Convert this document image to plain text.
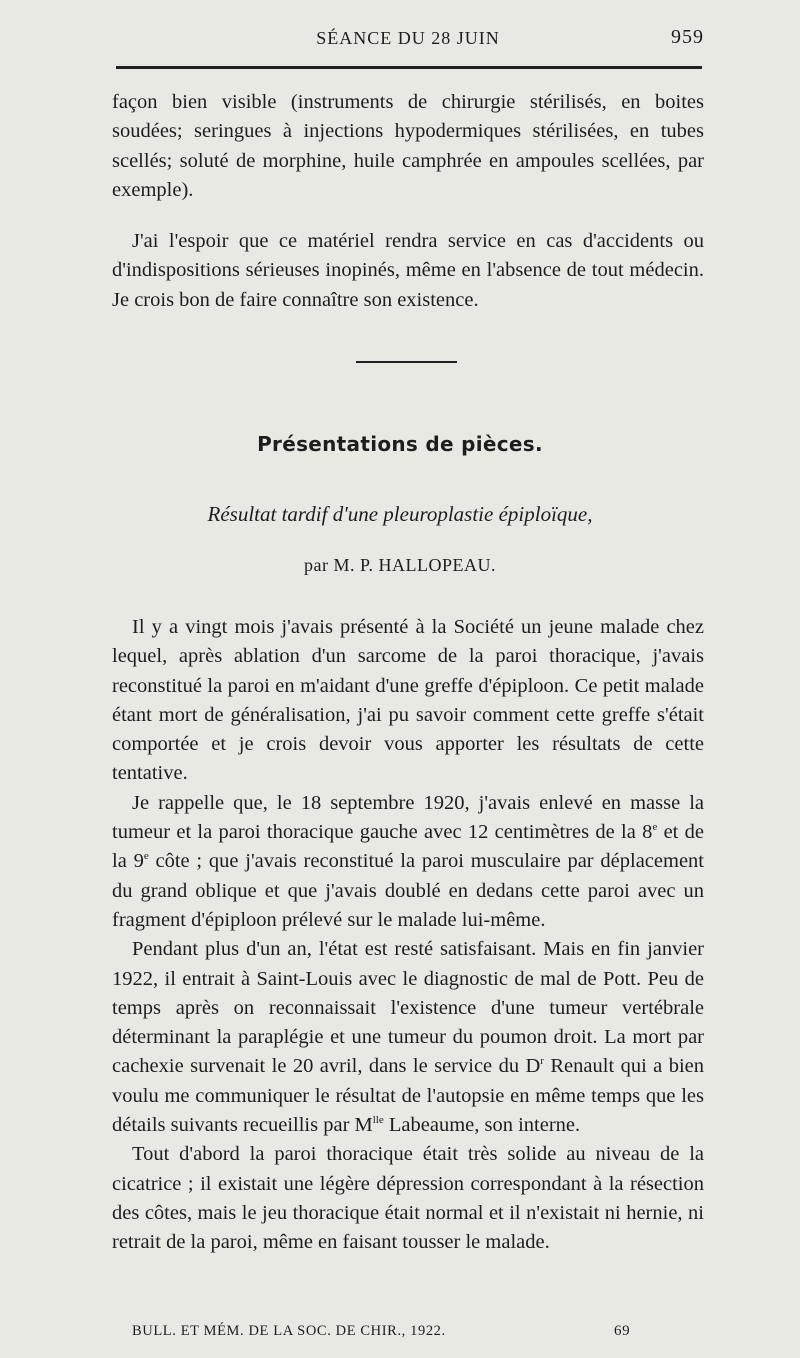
SÉANCE DU 28 JUIN	959

façon bien visible (instruments de chirurgie stérilisés, en boites soudées; seringues à injections hypodermiques stérilisées, en tubes scellés; soluté de morphine, huile camphrée en ampoules scellées, par exemple).

J'ai l'espoir que ce matériel rendra service en cas d'accidents ou d'indispositions sérieuses inopinés, même en l'absence de tout médecin. Je crois bon de faire connaître son existence.

Présentations de pièces.
Résultat tardif d'une pleuroplastie épiploïque,
par M. P. HALLOPEAU.

Il y a vingt mois j'avais présenté à la Société un jeune malade chez lequel, après ablation d'un sarcome de la paroi thoracique, j'avais reconstitué la paroi en m'aidant d'une greffe d'épiploon. Ce petit malade étant mort de généralisation, j'ai pu savoir comment cette greffe s'était comportée et je crois devoir vous apporter les résultats de cette tentative.

Je rappelle que, le 18 septembre 1920, j'avais enlevé en masse la tumeur et la paroi thoracique gauche avec 12 centimètres de la 8e et de la 9e côte ; que j'avais reconstitué la paroi musculaire par déplacement du grand oblique et que j'avais doublé en dedans cette paroi avec un fragment d'épiploon prélevé sur le malade lui-même.

Pendant plus d'un an, l'état est resté satisfaisant. Mais en fin janvier 1922, il entrait à Saint-Louis avec le diagnostic de mal de Pott. Peu de temps après on reconnaissait l'existence d'une tumeur vertébrale déterminant la paraplégie et une tumeur du poumon droit. La mort par cachexie survenait le 20 avril, dans le service du $D^r$ Renault qui a bien voulu me communiquer le résultat de l'autopsie en même temps que les détails suivants recueillis par $M^{lle}$ Labeaume, son interne.

Tout d'abord la paroi thoracique était très solide au niveau de la cicatrice ; il existait une légère dépression correspondant à la résection des côtes, mais le jeu thoracique était normal et il n'existait ni hernie, ni retrait de la paroi, même en faisant tousser le malade.

BULL. ET MÉM. DE LA SOC. DE CHIR., 1922.	69
